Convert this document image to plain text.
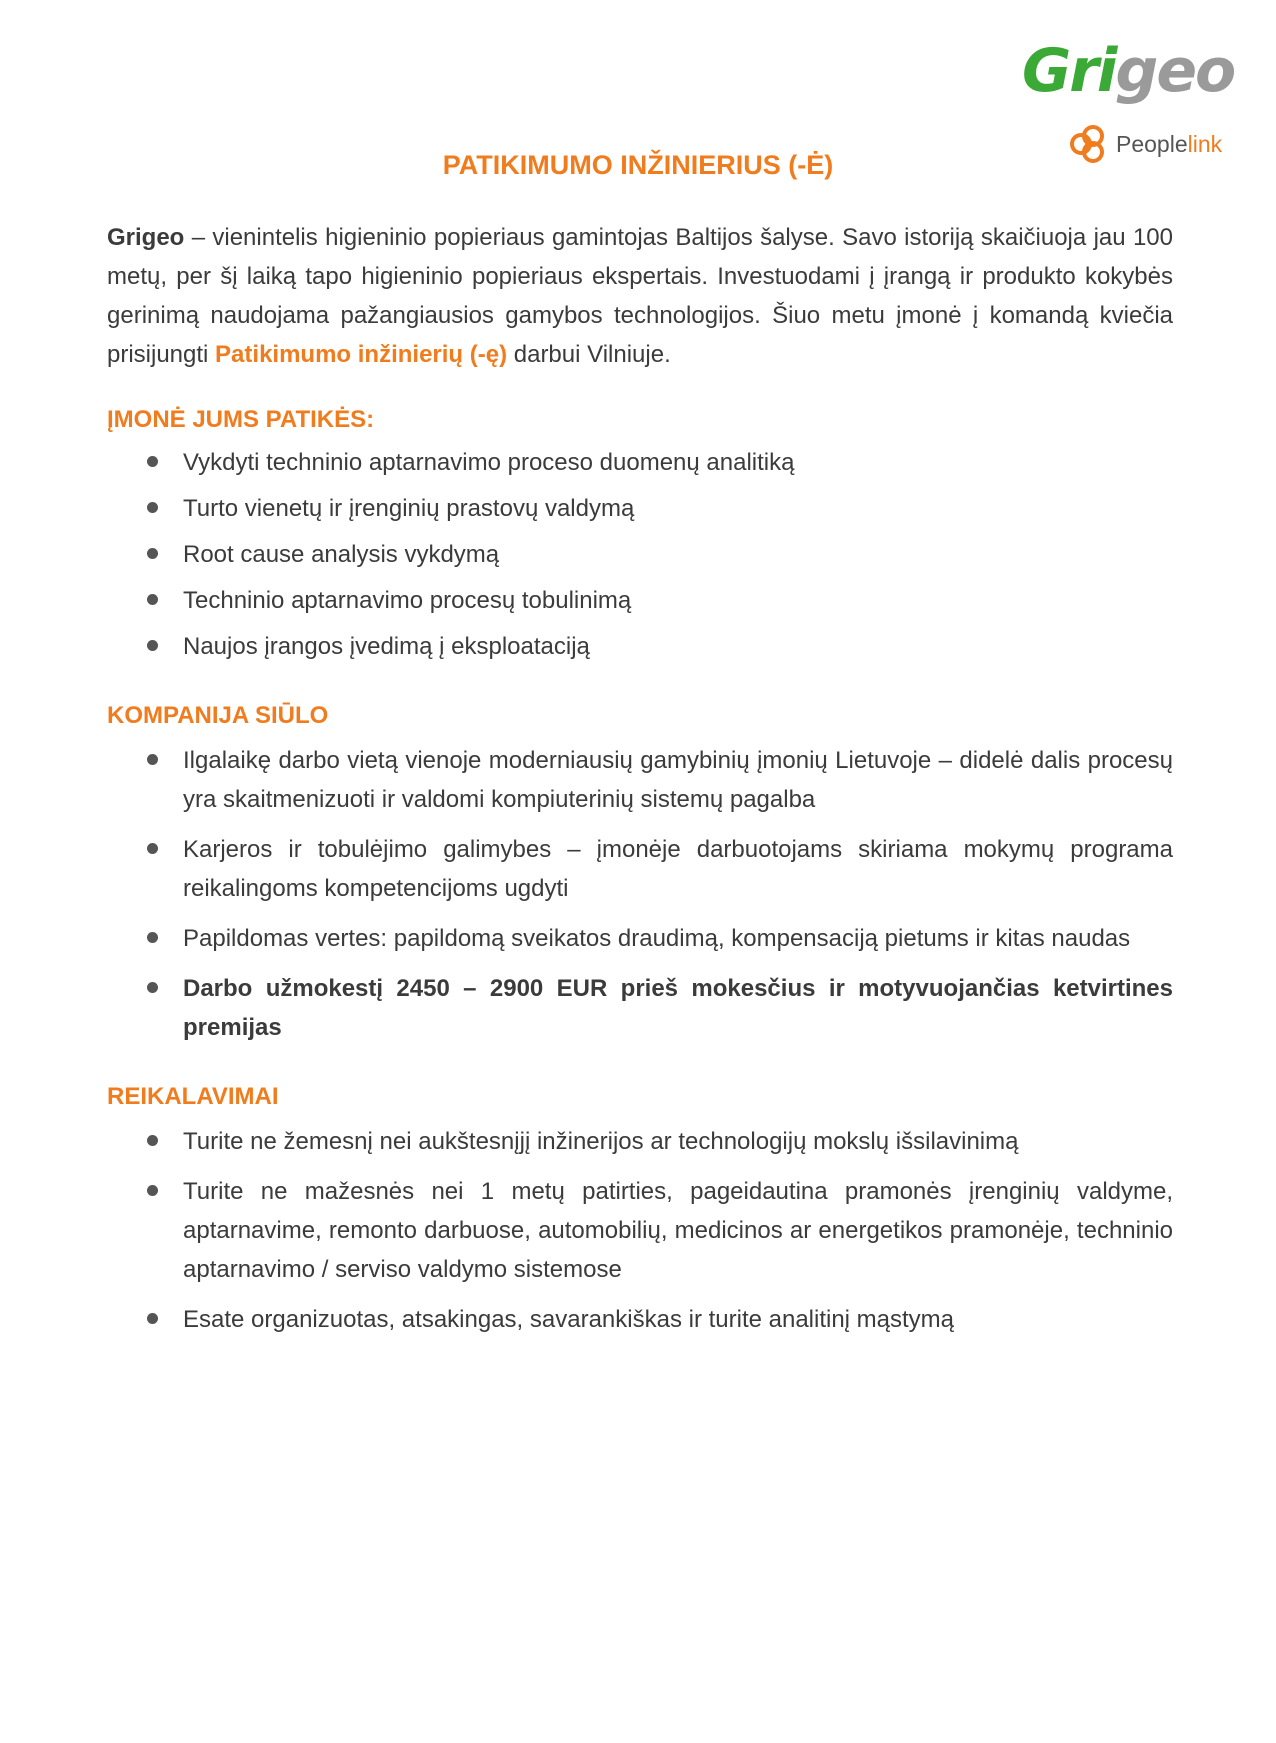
Grigeo
Peoplelink
PATIKIMUMO INŽINIERIUS (-Ė)

Grigeo – vienintelis higieninio popieriaus gamintojas Baltijos šalyse. Savo istoriją skaičiuoja jau 100 metų, per šį laiką tapo higieninio popieriaus ekspertais. Investuodami į įrangą ir produkto kokybės gerinimą naudojama pažangiausios gamybos technologijos. Šiuo metu įmonė į komandą kviečia prisijungti Patikimumo inžinierių (-ę) darbui Vilniuje.

ĮMONĖ JUMS PATIKĖS:
Vykdyti techninio aptarnavimo proceso duomenų analitiką
Turto vienetų ir įrenginių prastovų valdymą
Root cause analysis vykdymą
Techninio aptarnavimo procesų tobulinimą
Naujos įrangos įvedimą į eksploataciją
KOMPANIJA SIŪLO
Ilgalaikę darbo vietą vienoje moderniausių gamybinių įmonių Lietuvoje – didelė dalis procesų yra skaitmenizuoti ir valdomi kompiuterinių sistemų pagalba
Karjeros ir tobulėjimo galimybes – įmonėje darbuotojams skiriama mokymų programa reikalingoms kompetencijoms ugdyti
Papildomas vertes: papildomą sveikatos draudimą, kompensaciją pietums ir kitas naudas
Darbo užmokestį 2450 – 2900 EUR prieš mokesčius ir motyvuojančias ketvirtines premijas
REIKALAVIMAI
Turite ne žemesnį nei aukštesnįjį inžinerijos ar technologijų mokslų išsilavinimą
Turite ne mažesnės nei 1 metų patirties, pageidautina pramonės įrenginių valdyme, aptarnavime, remonto darbuose, automobilių, medicinos ar energetikos pramonėje, techninio aptarnavimo / serviso valdymo sistemose
Esate organizuotas, atsakingas, savarankiškas ir turite analitinį mąstymą
